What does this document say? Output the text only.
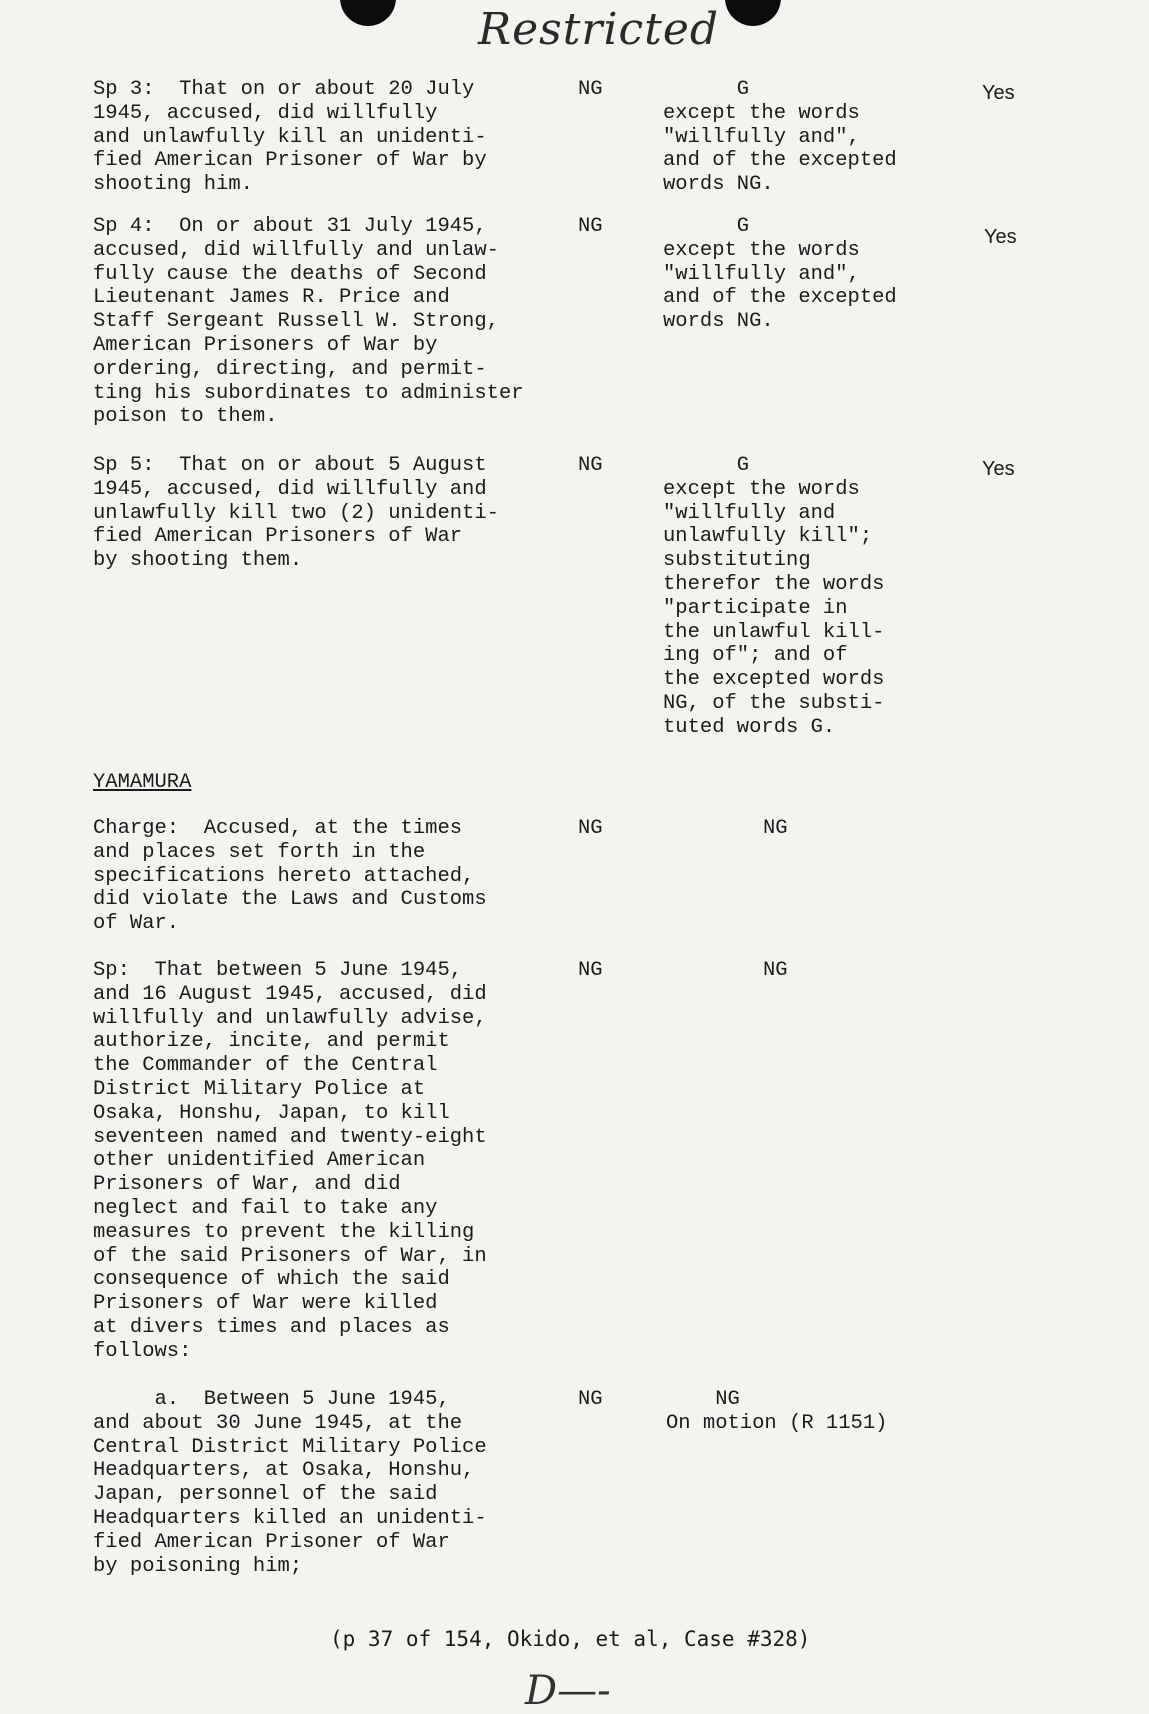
Restricted
Sp 3:  That on or about 20 July
1945, accused, did willfully
and unlawfully kill an unidenti-
fied American Prisoner of War by
shooting him.
NG	G
except the words
"willfully and",
and of the excepted
words NG.
Yes
Sp 4:  On or about 31 July 1945,
accused, did willfully and unlaw-
fully cause the deaths of Second
Lieutenant James R. Price and
Staff Sergeant Russell W. Strong,
American Prisoners of War by
ordering, directing, and permit-
ting his subordinates to administer
poison to them.
NG	G
except the words
"willfully and",
and of the excepted
words NG.
Yes
Sp 5:  That on or about 5 August
1945, accused, did willfully and
unlawfully kill two (2) unidenti-
fied American Prisoners of War
by shooting them.
NG	G
except the words
"willfully and
unlawfully kill";
substituting
therefor the words
"participate in
the unlawful kill-
ing of"; and of
the excepted words
NG, of the substi-
tuted words G.
Yes
YAMAMURA
Charge:  Accused, at the times
and places set forth in the
specifications hereto attached,
did violate the Laws and Customs
of War.
NG	NG
Sp:  That between 5 June 1945,
and 16 August 1945, accused, did
willfully and unlawfully advise,
authorize, incite, and permit
the Commander of the Central
District Military Police at
Osaka, Honshu, Japan, to kill
seventeen named and twenty-eight
other unidentified American
Prisoners of War, and did
neglect and fail to take any
measures to prevent the killing
of the said Prisoners of War, in
consequence of which the said
Prisoners of War were killed
at divers times and places as
follows:
NG	NG
a.  Between 5 June 1945,
and about 30 June 1945, at the
Central District Military Police
Headquarters, at Osaka, Honshu,
Japan, personnel of the said
Headquarters killed an unidenti-
fied American Prisoner of War
by poisoning him;
NG	NG
On motion (R 1151)
(p 37 of 154, Okido, et al, Case #328)
D—-
